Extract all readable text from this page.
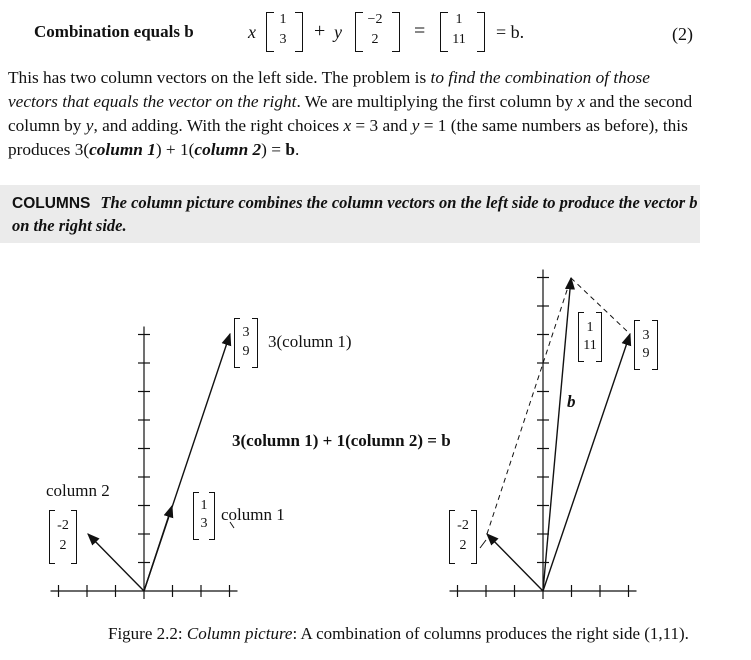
Combination equals b	x
1
3	+ y
−2
2	=
1
11	= b.	(2)
This has two column vectors on the left side. The problem is to find the combination of those vectors that equals the vector on the right. We are multiplying the first column by x and the second column by y, and adding. With the right choices x = 3 and y = 1 (the same numbers as before), this produces 3(column 1) + 1(column 2) = b.
COLUMNS The column picture combines the column vectors on the left side to produce the vector b on the right side.
3
9
3(column 1)
1
3 column 1
column 2
-2
2
3(column 1) + 1(column 2) = b
1
11
b
3
9
-2
2
Figure 2.2: Column picture: A combination of columns produces the right side (1,11).
